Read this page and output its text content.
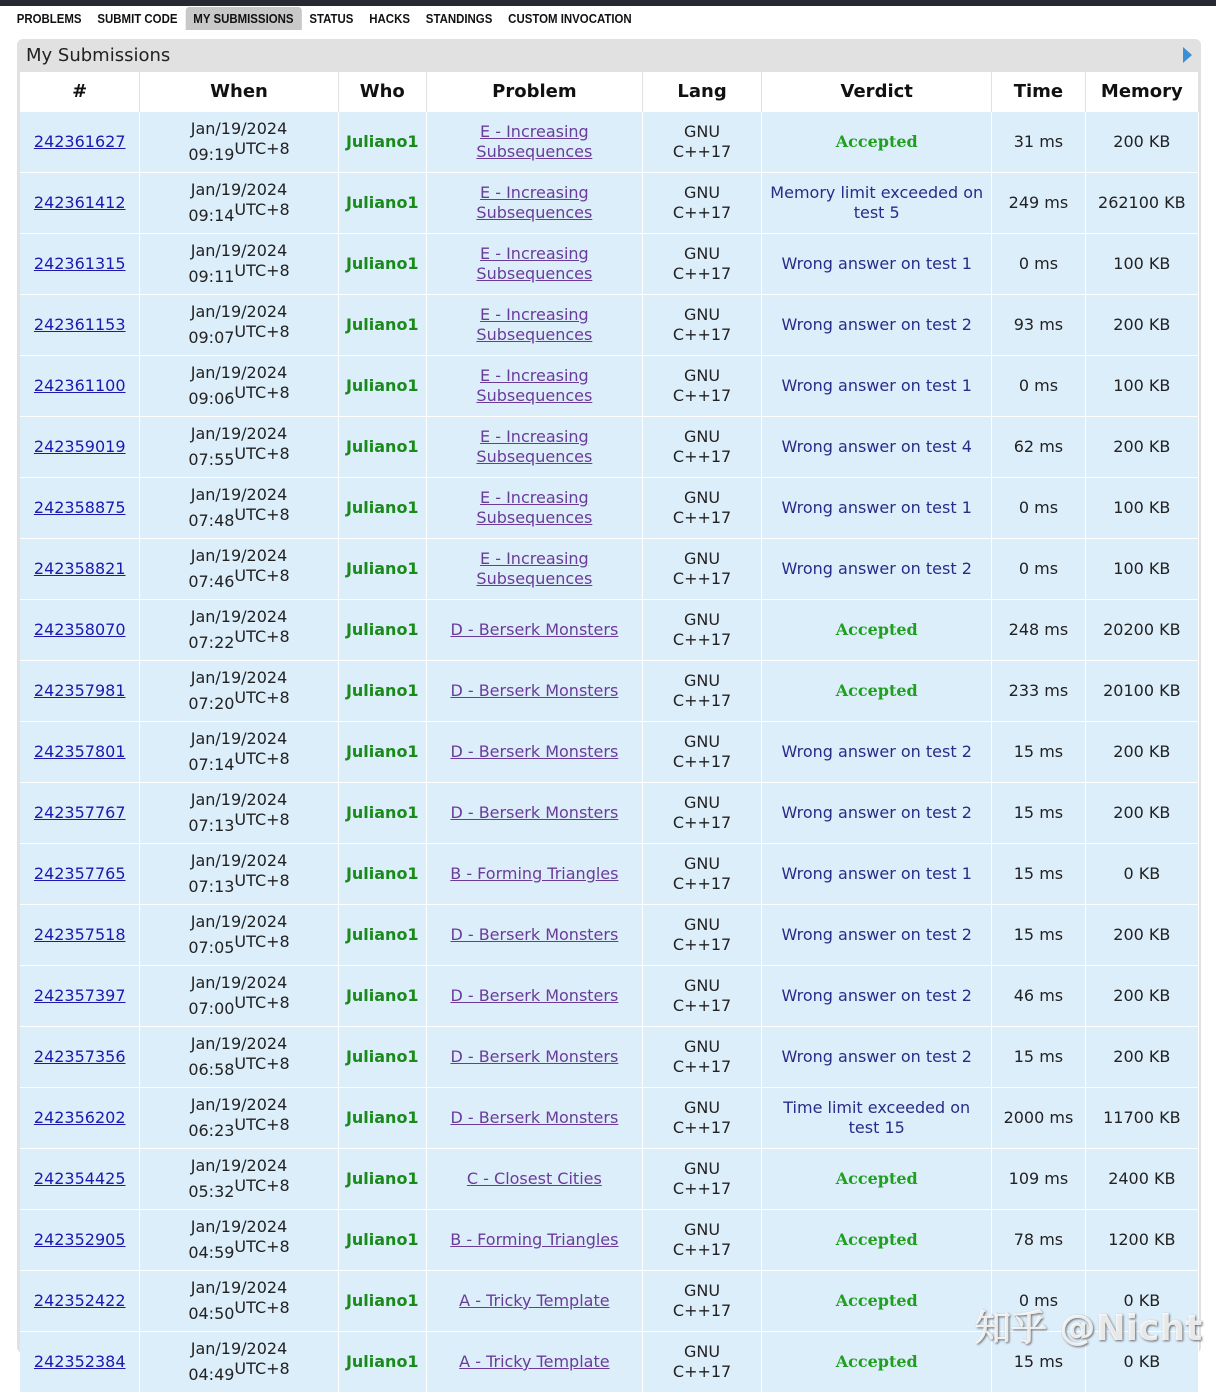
PROBLEMS	SUBMIT CODE	MY SUBMISSIONS	STATUS	HACKS	STANDINGS	CUSTOM INVOCATION
My Submissions
#	When	Who	Problem	Lang	Verdict	Time	Memory
242361627	Jan/19/2024
$09:19^{UTC+8}$	Juliano1	E - Increasing Subsequences	GNU C++17	Accepted	31 ms	200 KB
242361412	Jan/19/2024
$09:14^{UTC+8}$	Juliano1	E - Increasing Subsequences	GNU C++17	Memory limit exceeded on test 5	249 ms	262100 KB
242361315	Jan/19/2024
$09:11^{UTC+8}$	Juliano1	E - Increasing Subsequences	GNU C++17	Wrong answer on test 1	0 ms	100 KB
242361153	Jan/19/2024
$09:07^{UTC+8}$	Juliano1	E - Increasing Subsequences	GNU C++17	Wrong answer on test 2	93 ms	200 KB
242361100	Jan/19/2024
$09:06^{UTC+8}$	Juliano1	E - Increasing Subsequences	GNU C++17	Wrong answer on test 1	0 ms	100 KB
242359019	Jan/19/2024
$07:55^{UTC+8}$	Juliano1	E - Increasing Subsequences	GNU C++17	Wrong answer on test 4	62 ms	200 KB
242358875	Jan/19/2024
$07:48^{UTC+8}$	Juliano1	E - Increasing Subsequences	GNU C++17	Wrong answer on test 1	0 ms	100 KB
242358821	Jan/19/2024
$07:46^{UTC+8}$	Juliano1	E - Increasing Subsequences	GNU C++17	Wrong answer on test 2	0 ms	100 KB
242358070	Jan/19/2024
$07:22^{UTC+8}$	Juliano1	D - Berserk Monsters	GNU C++17	Accepted	248 ms	20200 KB
242357981	Jan/19/2024
$07:20^{UTC+8}$	Juliano1	D - Berserk Monsters	GNU C++17	Accepted	233 ms	20100 KB
242357801	Jan/19/2024
$07:14^{UTC+8}$	Juliano1	D - Berserk Monsters	GNU C++17	Wrong answer on test 2	15 ms	200 KB
242357767	Jan/19/2024
$07:13^{UTC+8}$	Juliano1	D - Berserk Monsters	GNU C++17	Wrong answer on test 2	15 ms	200 KB
242357765	Jan/19/2024
$07:13^{UTC+8}$	Juliano1	B - Forming Triangles	GNU C++17	Wrong answer on test 1	15 ms	0 KB
242357518	Jan/19/2024
$07:05^{UTC+8}$	Juliano1	D - Berserk Monsters	GNU C++17	Wrong answer on test 2	15 ms	200 KB
242357397	Jan/19/2024
$07:00^{UTC+8}$	Juliano1	D - Berserk Monsters	GNU C++17	Wrong answer on test 2	46 ms	200 KB
242357356	Jan/19/2024
$06:58^{UTC+8}$	Juliano1	D - Berserk Monsters	GNU C++17	Wrong answer on test 2	15 ms	200 KB
242356202	Jan/19/2024
$06:23^{UTC+8}$	Juliano1	D - Berserk Monsters	GNU C++17	Time limit exceeded on test 15	2000 ms	11700 KB
242354425	Jan/19/2024
$05:32^{UTC+8}$	Juliano1	C - Closest Cities	GNU C++17	Accepted	109 ms	2400 KB
242352905	Jan/19/2024
$04:59^{UTC+8}$	Juliano1	B - Forming Triangles	GNU C++17	Accepted	78 ms	1200 KB
242352422	Jan/19/2024
$04:50^{UTC+8}$	Juliano1	A - Tricky Template	GNU C++17	Accepted	0 ms	0 KB
242352384	Jan/19/2024
$04:49^{UTC+8}$	Juliano1	A - Tricky Template	GNU C++17	Accepted	15 ms	0 KB
知乎 @Nicht
